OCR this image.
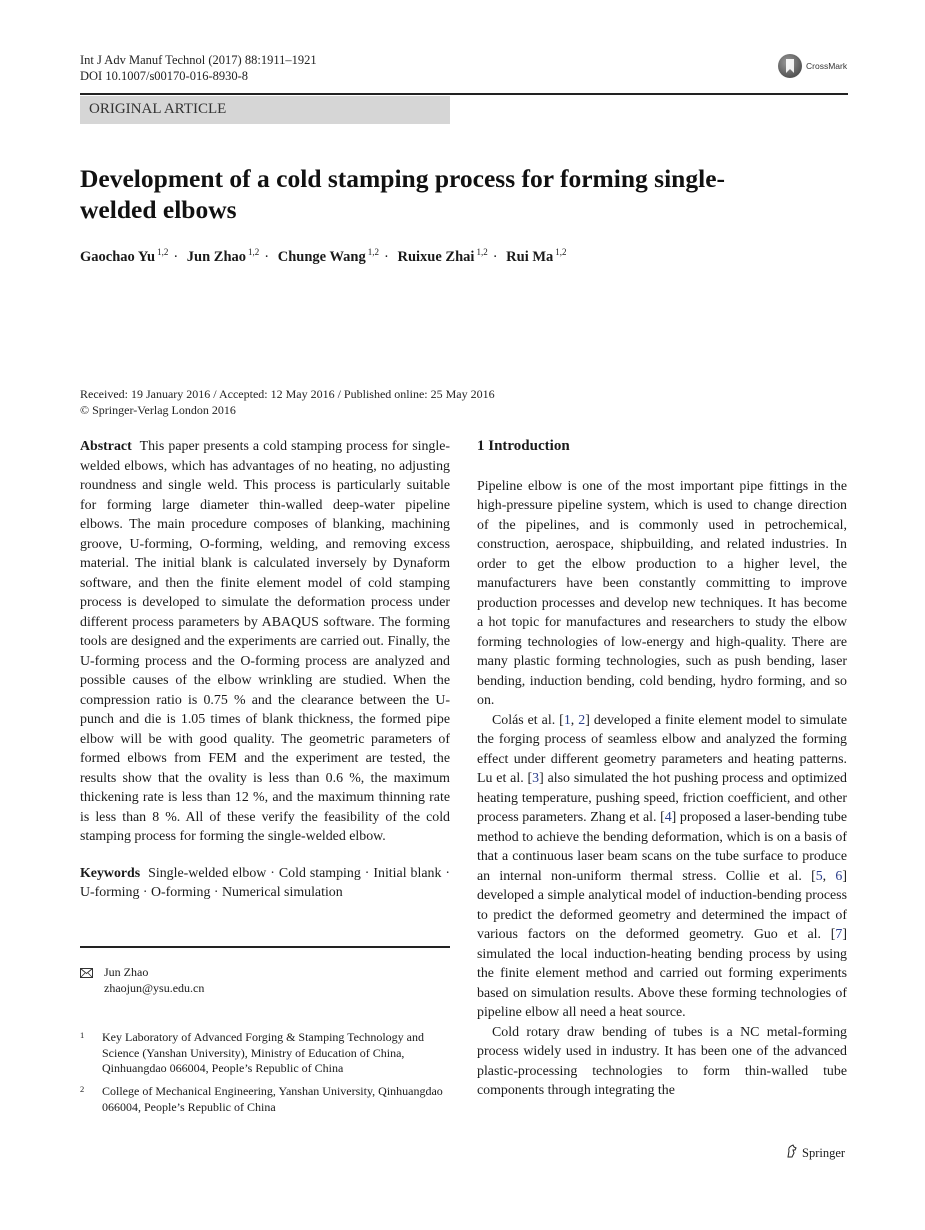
Int J Adv Manuf Technol (2017) 88:1911–1921
DOI 10.1007/s00170-016-8930-8
CrossMark
ORIGINAL ARTICLE
Development of a cold stamping process for forming single-welded elbows
Gaochao Yu $^{1,2}$ · Jun Zhao $^{1,2}$ · Chunge Wang $^{1,2}$ · Ruixue Zhai $^{1,2}$ · Rui Ma $^{1,2}$
Received: 19 January 2016 / Accepted: 12 May 2016 / Published online: 25 May 2016
© Springer-Verlag London 2016

Abstract This paper presents a cold stamping process for single-welded elbows, which has advantages of no heating, no adjusting roundness and single weld. This process is particularly suitable for forming large diameter thin-walled deep-water pipeline elbows. The main procedure composes of blanking, machining groove, U-forming, O-forming, welding, and removing excess material. The initial blank is calculated inversely by Dynaform software, and then the finite element model of cold stamping process is developed to simulate the deformation process under different process parameters by ABAQUS software. The forming tools are designed and the experiments are carried out. Finally, the U-forming process and the O-forming process are analyzed and possible causes of the elbow wrinkling are studied. When the compression ratio is 0.75 % and the clearance between the U-punch and die is 1.05 times of blank thickness, the formed pipe elbow will be with good quality. The geometric parameters of formed elbows from FEM and the experiment are tested, the results show that the ovality is less than 0.6 %, the maximum thickening rate is less than 12 %, and the maximum thinning rate is less than 8 %. All of these verify the feasibility of the cold stamping process for forming the single-welded elbow.

Keywords Single-welded elbow · Cold stamping · Initial blank · U-forming · O-forming · Numerical simulation

Jun Zhao
zhaojun@ysu.edu.cn
1 Key Laboratory of Advanced Forging & Stamping Technology and Science (Yanshan University), Ministry of Education of China, Qinhuangdao 066004, People’s Republic of China
2 College of Mechanical Engineering, Yanshan University, Qinhuangdao 066004, People’s Republic of China
1 Introduction

Pipeline elbow is one of the most important pipe fittings in the high-pressure pipeline system, which is used to change direction of the pipelines, and is commonly used in petrochemical, construction, aerospace, shipbuilding, and related industries. In order to get the elbow production to a higher level, the manufacturers have been constantly committing to improve production processes and develop new techniques. It has become a hot topic for manufactures and researchers to study the elbow forming technologies of low-energy and high-quality. There are many plastic forming technologies, such as push bending, laser bending, induction bending, cold bending, hydro forming, and so on.

Colás et al. [1, 2] developed a finite element model to simulate the forging process of seamless elbow and analyzed the forming effect under different geometry parameters and heating patterns. Lu et al. [3] also simulated the hot pushing process and optimized heating temperature, pushing speed, friction coefficient, and other process parameters. Zhang et al. [4] proposed a laser-bending tube method to achieve the bending deformation, which is on a basis of that a continuous laser beam scans on the tube surface to produce an internal non-uniform thermal stress. Collie et al. [5, 6] developed a simple analytical model of induction-bending process to predict the deformed geometry and determined the impact of various factors on the deformed geometry. Guo et al. [7] simulated the local induction-heating bending process by using the finite element method and carried out forming experiments based on simulation results. Above these forming technologies of pipeline elbow all need a heat source.

Cold rotary draw bending of tubes is a NC metal-forming process widely used in industry. It has been one of the advanced plastic-processing technologies to form thin-walled tube components through integrating the

Springer
